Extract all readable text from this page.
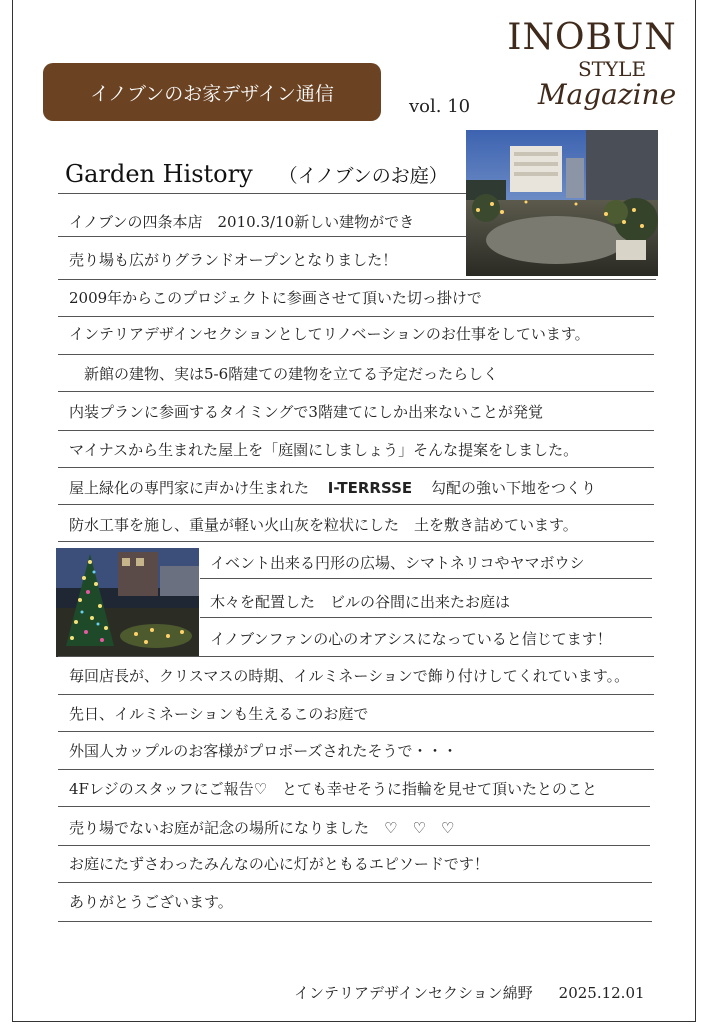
INOBUN
STYLE
Magazine
イノブンのお家デザイン通信
vol. 10
Garden History （イノブンのお庭）
イノブンの四条本店　2010.3/10新しい建物ができ
売り場も広がりグランドオープンとなりました！
2009年からこのプロジェクトに参画させて頂いた切っ掛けで
インテリアデザインセクションとしてリノベーションのお仕事をしています。
　新館の建物、実は5-6階建ての建物を立てる予定だったらしく
内装プランに参画するタイミングで3階建てにしか出来ないことが発覚
マイナスから生まれた屋上を「庭園にしましょう」そんな提案をしました。
屋上緑化の専門家に声かけ生まれた I-TERRSSE 勾配の強い下地をつくり
防水工事を施し、重量が軽い火山灰を粒状にした　土を敷き詰めています。
イベント出来る円形の広場、シマトネリコやヤマボウシ
木々を配置した　ビルの谷間に出来たお庭は
イノブンファンの心のオアシスになっていると信じてます！
毎回店長が、クリスマスの時期、イルミネーションで飾り付けしてくれています。。
先日、イルミネーションも生えるこのお庭で
外国人カップルのお客様がプロポーズされたそうで・・・
4Fレジのスタッフにご報告♡　とても幸せそうに指輪を見せて頂いたとのこと
売り場でないお庭が記念の場所になりました　♡　♡　♡
お庭にたずさわったみんなの心に灯がともるエピソードです！
ありがとうございます。
インテリアデザインセクション綿野 2025.12.01
